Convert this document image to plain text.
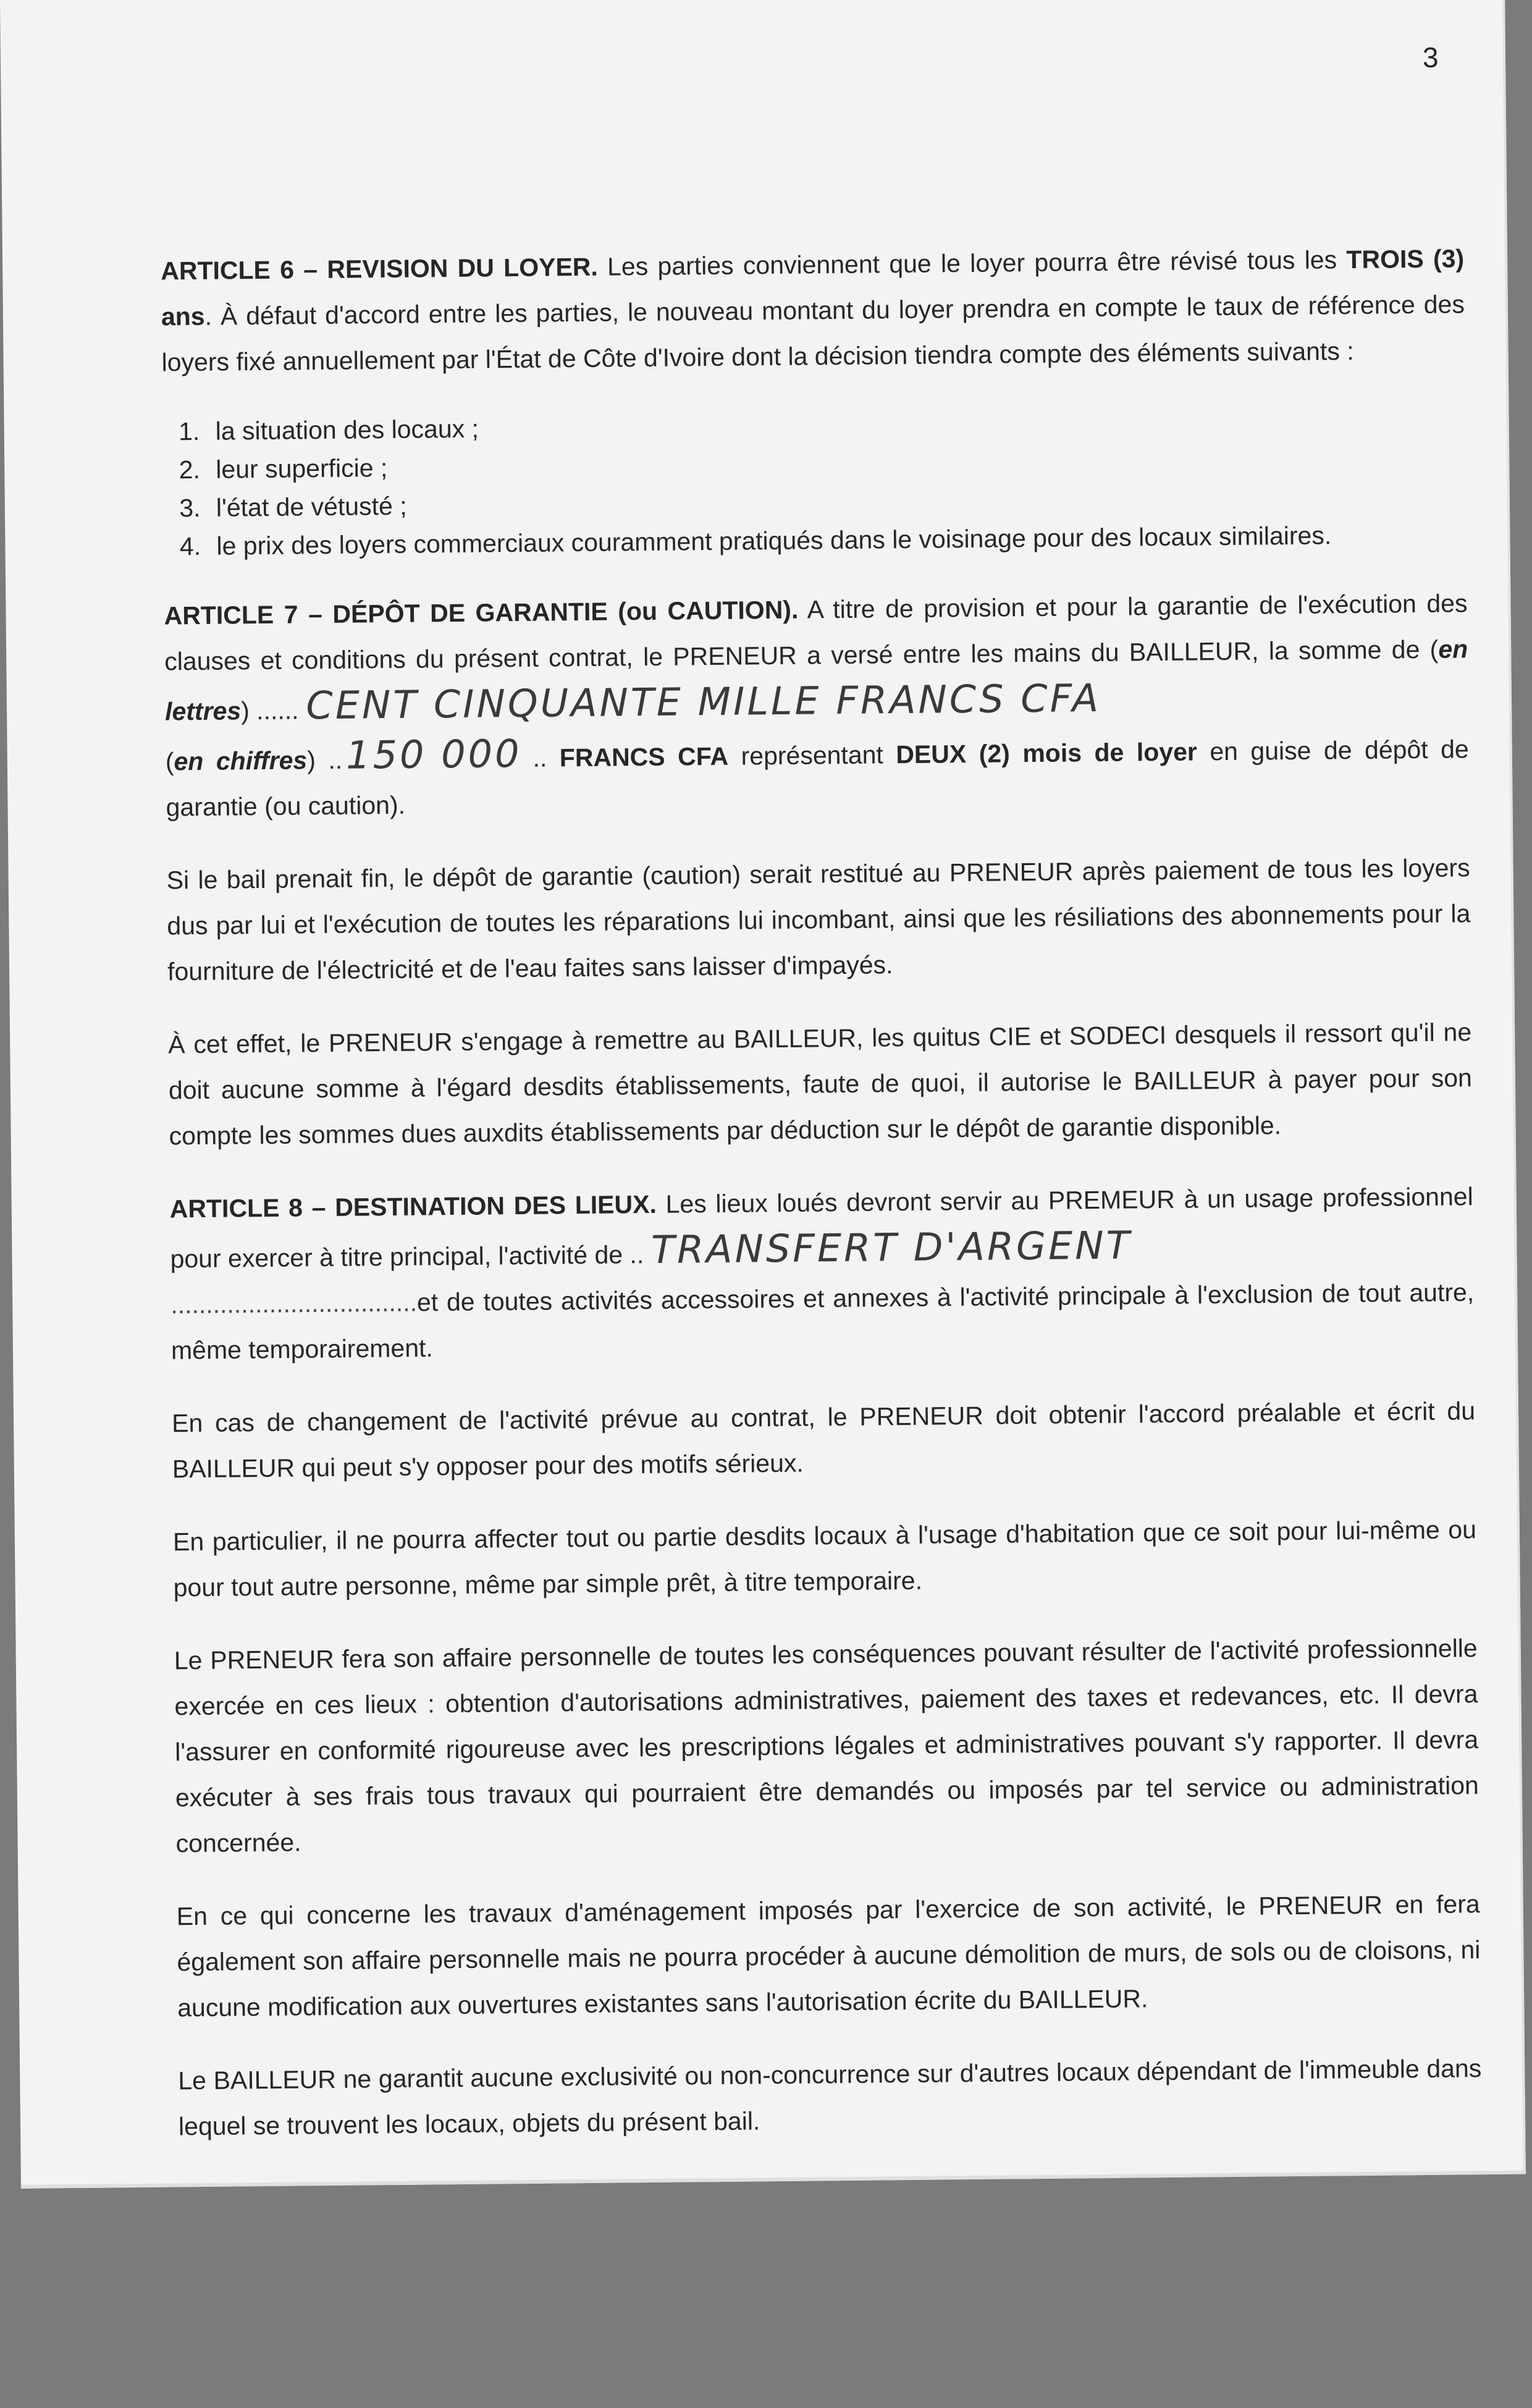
3

ARTICLE 6 – REVISION DU LOYER. Les parties conviennent que le loyer pourra être révisé tous les TROIS (3) ans. À défaut d'accord entre les parties, le nouveau montant du loyer prendra en compte le taux de référence des loyers fixé annuellement par l'État de Côte d'Ivoire dont la décision tiendra compte des éléments suivants :

1. la situation des locaux ;
2. leur superficie ;
3. l'état de vétusté ;
4. le prix des loyers commerciaux couramment pratiqués dans le voisinage pour des locaux similaires.

ARTICLE 7 – DÉPÔT DE GARANTIE (ou CAUTION). A titre de provision et pour la garantie de l'exécution des clauses et conditions du présent contrat, le PRENEUR a versé entre les mains du BAILLEUR, la somme de (en lettres) ...... CENT CINQUANTE MILLE FRANCS CFA
(en chiffres) ..150 000 .. FRANCS CFA représentant DEUX (2) mois de loyer en guise de dépôt de garantie (ou caution).

Si le bail prenait fin, le dépôt de garantie (caution) serait restitué au PRENEUR après paiement de tous les loyers dus par lui et l'exécution de toutes les réparations lui incombant, ainsi que les résiliations des abonnements pour la fourniture de l'électricité et de l'eau faites sans laisser d'impayés.

À cet effet, le PRENEUR s'engage à remettre au BAILLEUR, les quitus CIE et SODECI desquels il ressort qu'il ne doit aucune somme à l'égard desdits établissements, faute de quoi, il autorise le BAILLEUR à payer pour son compte les sommes dues auxdits établissements par déduction sur le dépôt de garantie disponible.

ARTICLE 8 – DESTINATION DES LIEUX. Les lieux loués devront servir au PREMEUR à un usage professionnel pour exercer à titre principal, l'activité de .. TRANSFERT D'ARGENT
...................................et de toutes activités accessoires et annexes à l'activité principale à l'exclusion de tout autre, même temporairement.

En cas de changement de l'activité prévue au contrat, le PRENEUR doit obtenir l'accord préalable et écrit du BAILLEUR qui peut s'y opposer pour des motifs sérieux.

En particulier, il ne pourra affecter tout ou partie desdits locaux à l'usage d'habitation que ce soit pour lui-même ou pour tout autre personne, même par simple prêt, à titre temporaire.

Le PRENEUR fera son affaire personnelle de toutes les conséquences pouvant résulter de l'activité professionnelle exercée en ces lieux : obtention d'autorisations administratives, paiement des taxes et redevances, etc. Il devra l'assurer en conformité rigoureuse avec les prescriptions légales et administratives pouvant s'y rapporter. Il devra exécuter à ses frais tous travaux qui pourraient être demandés ou imposés par tel service ou administration concernée.

En ce qui concerne les travaux d'aménagement imposés par l'exercice de son activité, le PRENEUR en fera également son affaire personnelle mais ne pourra procéder à aucune démolition de murs, de sols ou de cloisons, ni aucune modification aux ouvertures existantes sans l'autorisation écrite du BAILLEUR.

Le BAILLEUR ne garantit aucune exclusivité ou non-concurrence sur d'autres locaux dépendant de l'immeuble dans lequel se trouvent les locaux, objets du présent bail.
